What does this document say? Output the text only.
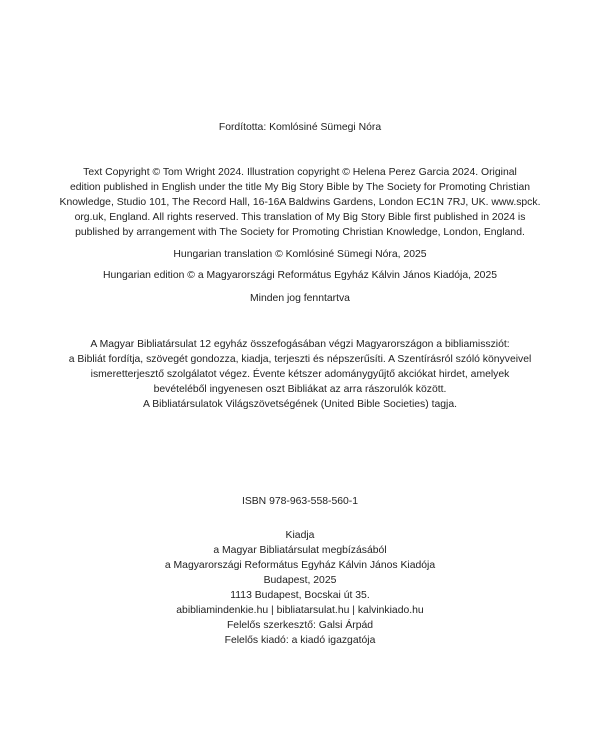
Fordította: Komlósiné Sümegi Nóra
Text Copyright © Tom Wright 2024. Illustration copyright © Helena Perez Garcia 2024. Original
edition published in English under the title My Big Story Bible by The Society for Promoting Christian
Knowledge, Studio 101, The Record Hall, 16-16A Baldwins Gardens, London EC1N 7RJ, UK. www.spck.
org.uk, England. All rights reserved. This translation of My Big Story Bible first published in 2024 is
published by arrangement with The Society for Promoting Christian Knowledge, London, England.
Hungarian translation © Komlósiné Sümegi Nóra, 2025
Hungarian edition © a Magyarországi Református Egyház Kálvin János Kiadója, 2025
Minden jog fenntartva
A Magyar Bibliatársulat 12 egyház összefogásában végzi Magyarországon a bibliamissziót:
a Bibliát fordítja, szövegét gondozza, kiadja, terjeszti és népszerűsíti. A Szentírásról szóló könyveivel
ismeretterjesztő szolgálatot végez. Évente kétszer adománygyűjtő akciókat hirdet, amelyek
bevételéből ingyenesen oszt Bibliákat az arra rászorulók között.
A Bibliatársulatok Világszövetségének (United Bible Societies) tagja.
ISBN 978-963-558-560-1
Kiadja
a Magyar Bibliatársulat megbízásából
a Magyarországi Református Egyház Kálvin János Kiadója
Budapest, 2025
1113 Budapest, Bocskai út 35.
abibliamindenkie.hu | bibliatarsulat.hu | kalvinkiado.hu
Felelős szerkesztő: Galsi Árpád
Felelős kiadó: a kiadó igazgatója
